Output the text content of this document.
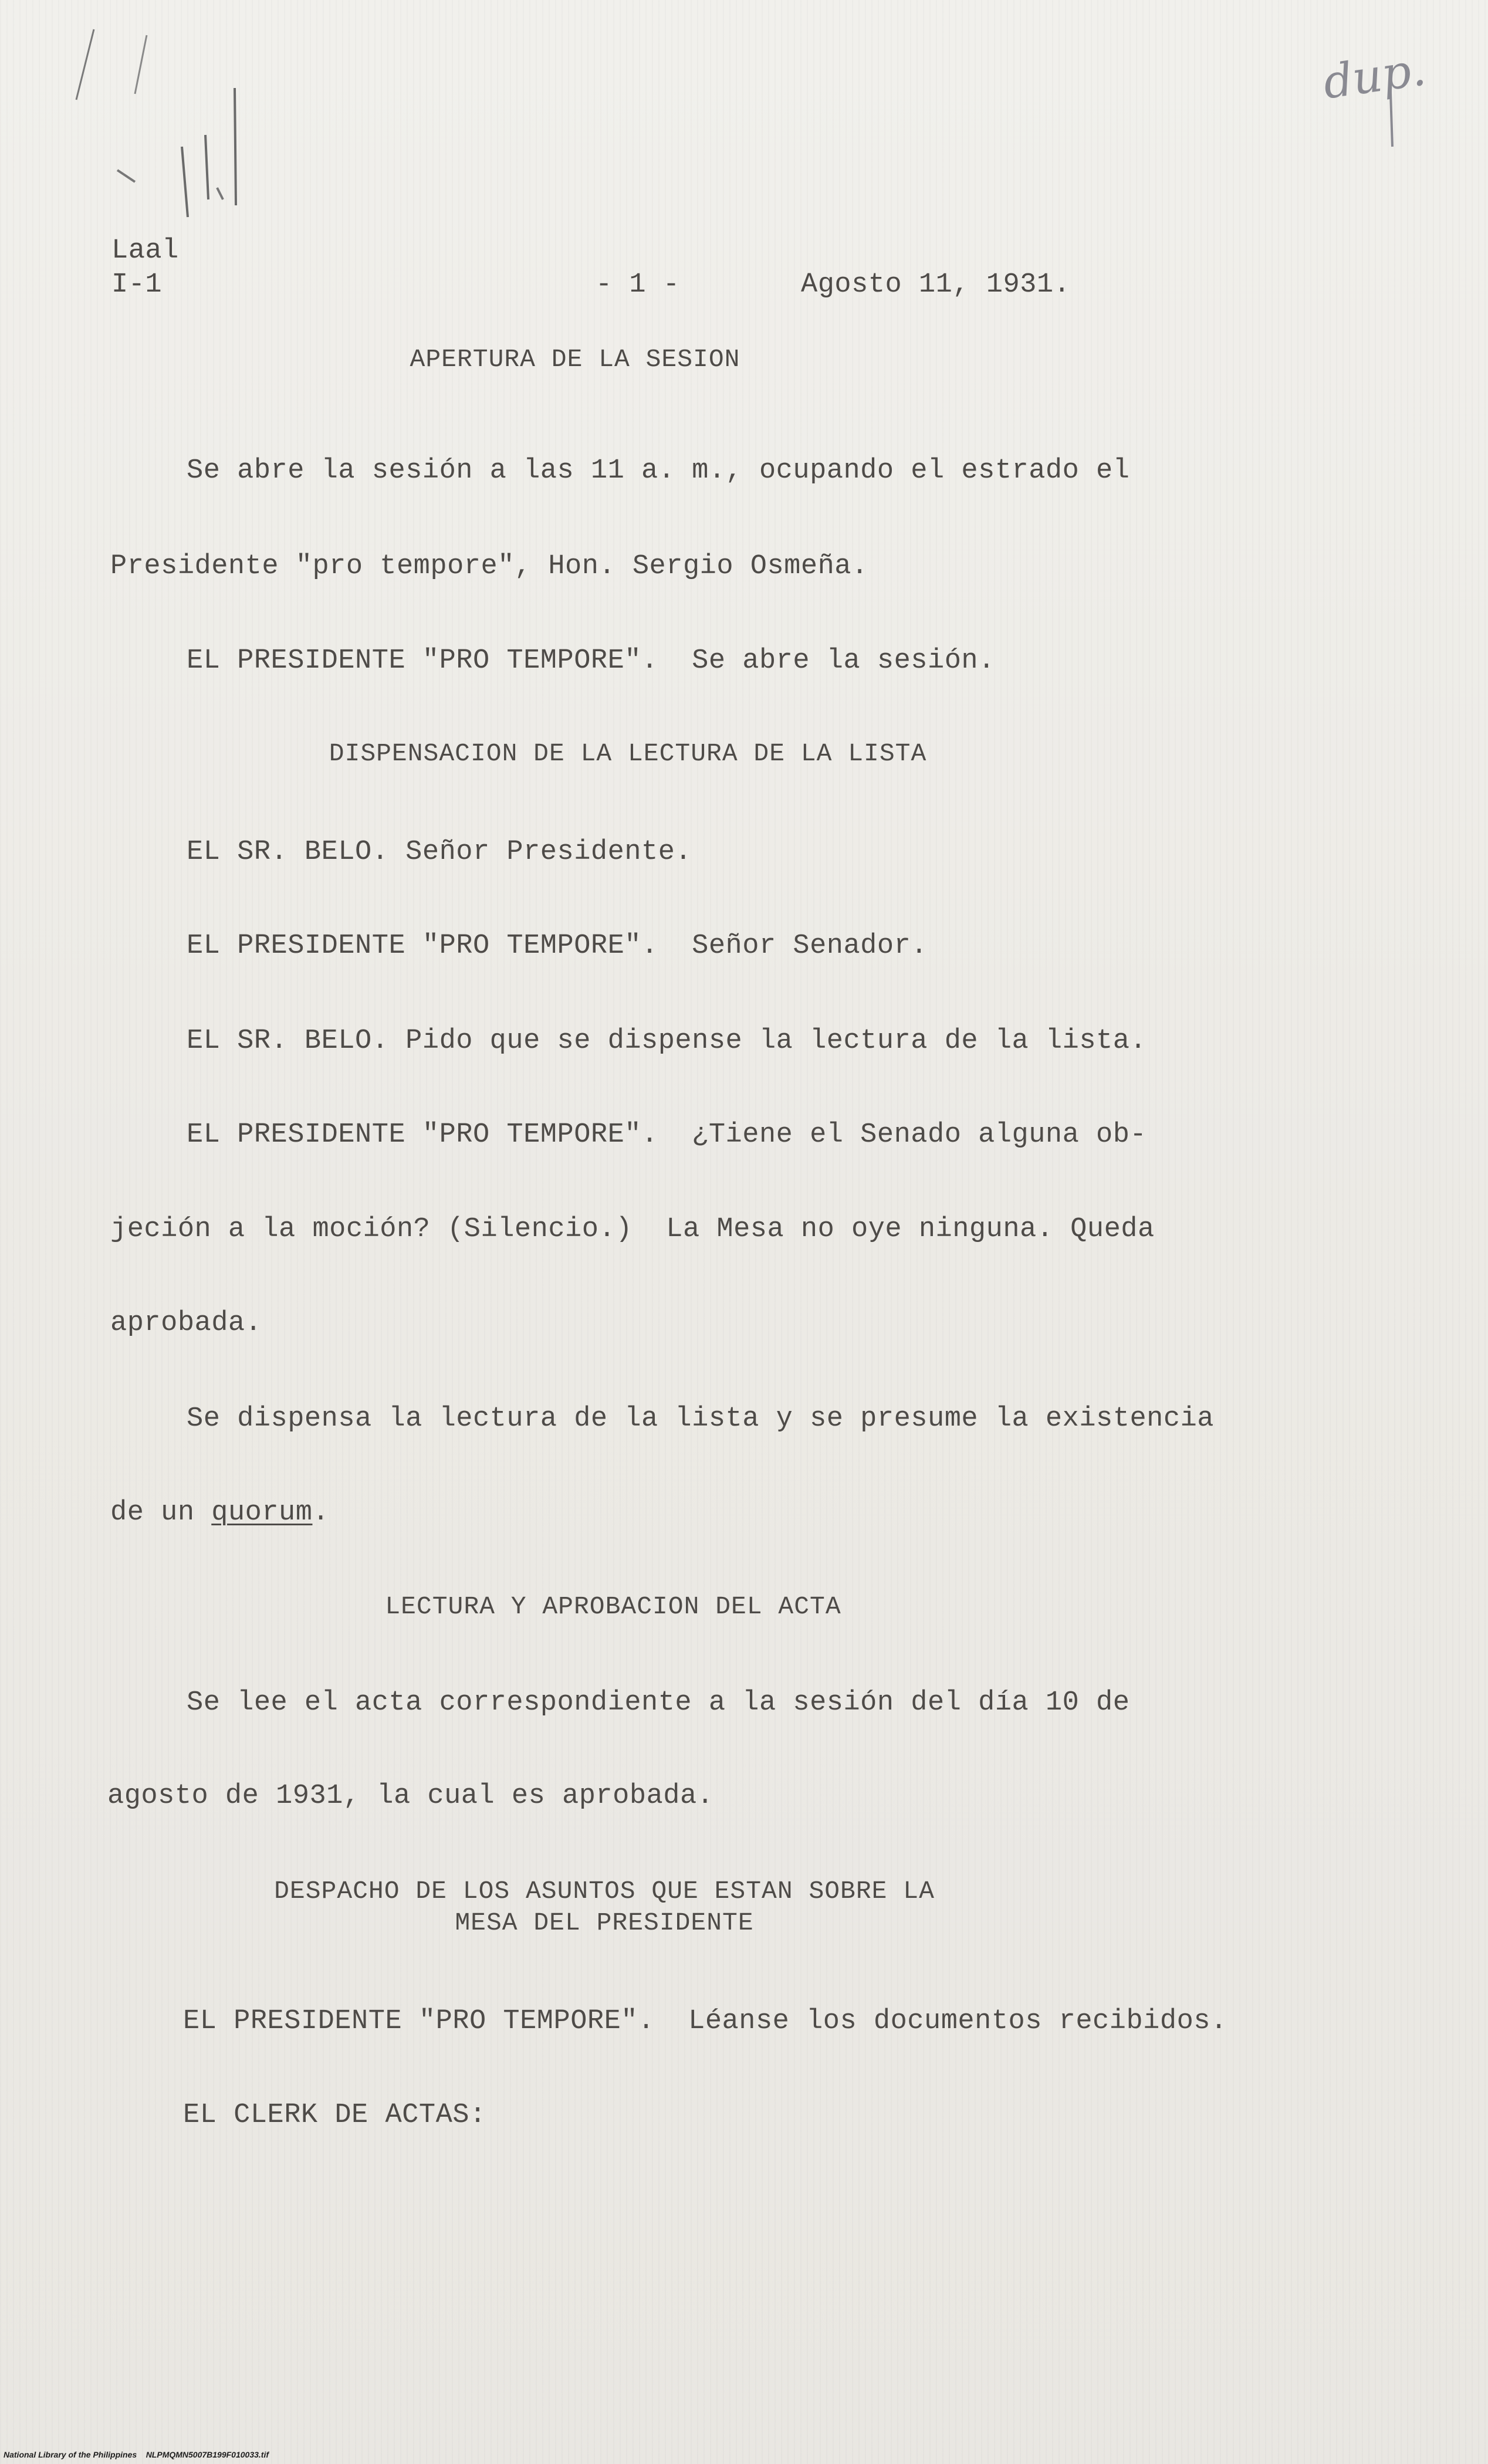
dup.
Laal
I-1	- 1 -	Agosto 11, 1931.
APERTURA DE LA SESION
Se abre la sesión a las 11 a. m., ocupando el estrado el
Presidente "pro tempore", Hon. Sergio Osmeña.
EL PRESIDENTE "PRO TEMPORE".  Se abre la sesión.
DISPENSACION DE LA LECTURA DE LA LISTA
EL SR. BELO. Señor Presidente.
EL PRESIDENTE "PRO TEMPORE".  Señor Senador.
EL SR. BELO. Pido que se dispense la lectura de la lista.
EL PRESIDENTE "PRO TEMPORE".  ¿Tiene el Senado alguna ob-
jeción a la moción? (Silencio.)  La Mesa no oye ninguna. Queda
aprobada.
Se dispensa la lectura de la lista y se presume la existencia
de un quorum.
LECTURA Y APROBACION DEL ACTA
Se lee el acta correspondiente a la sesión del día 10 de
agosto de 1931, la cual es aprobada.
DESPACHO DE LOS ASUNTOS QUE ESTAN SOBRE LA
MESA DEL PRESIDENTE
EL PRESIDENTE "PRO TEMPORE".  Léanse los documentos recibidos.
EL CLERK DE ACTAS:
National Library of the Philippines    NLPMQMN5007B199F010033.tif
